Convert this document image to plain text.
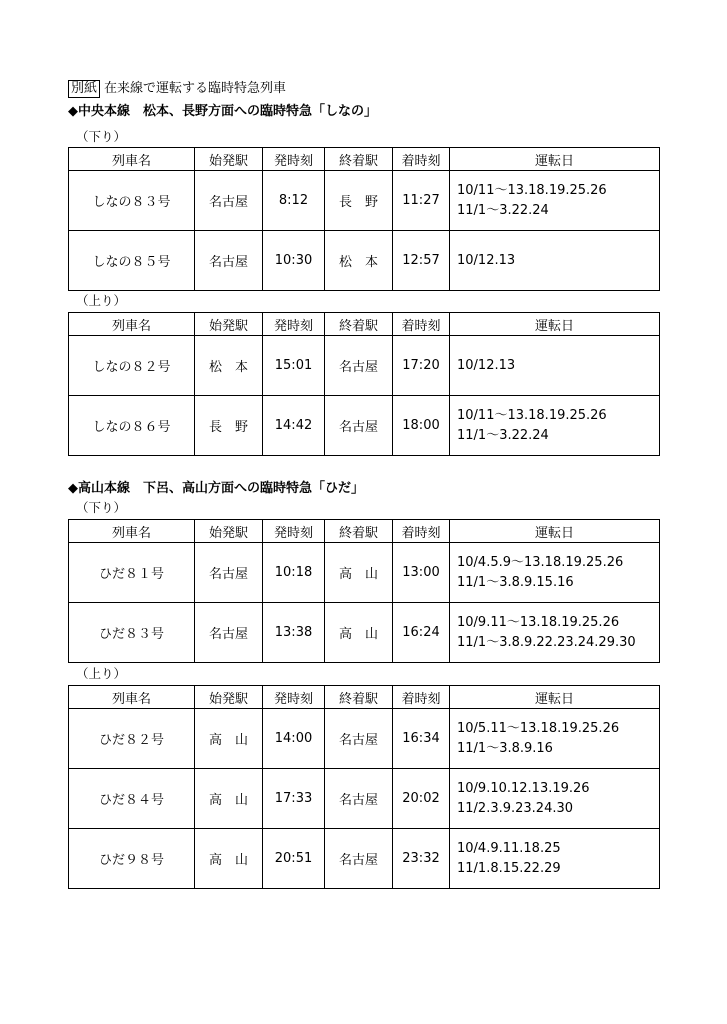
別紙 在来線で運転する臨時特急列車
◆中央本線　松本、長野方面への臨時特急「しなの」
（下り）
列車名	始発駅	発時刻	終着駅	着時刻	運転日
しなの８３号	名古屋	8:12	長　野	11:27	10/11～13.18.19.25.26
11/1～3.22.24

しなの８５号	名古屋	10:30	松　本	12:57	10/12.13
（上り）
列車名	始発駅	発時刻	終着駅	着時刻	運転日
しなの８２号	松　本	15:01	名古屋	17:20	10/12.13

しなの８６号	長　野	14:42	名古屋	18:00	10/11～13.18.19.25.26
11/1～3.22.24
◆高山本線　下呂、高山方面への臨時特急「ひだ」
（下り）
列車名	始発駅	発時刻	終着駅	着時刻	運転日
ひだ８１号	名古屋	10:18	高　山	13:00	10/4.5.9～13.18.19.25.26
11/1～3.8.9.15.16

ひだ８３号	名古屋	13:38	高　山	16:24	10/9.11～13.18.19.25.26
11/1～3.8.9.22.23.24.29.30
（上り）
列車名	始発駅	発時刻	終着駅	着時刻	運転日
ひだ８２号	高　山	14:00	名古屋	16:34	10/5.11～13.18.19.25.26
11/1～3.8.9.16

ひだ８４号	高　山	17:33	名古屋	20:02	10/9.10.12.13.19.26
11/2.3.9.23.24.30

ひだ９８号	高　山	20:51	名古屋	23:32	10/4.9.11.18.25
11/1.8.15.22.29
